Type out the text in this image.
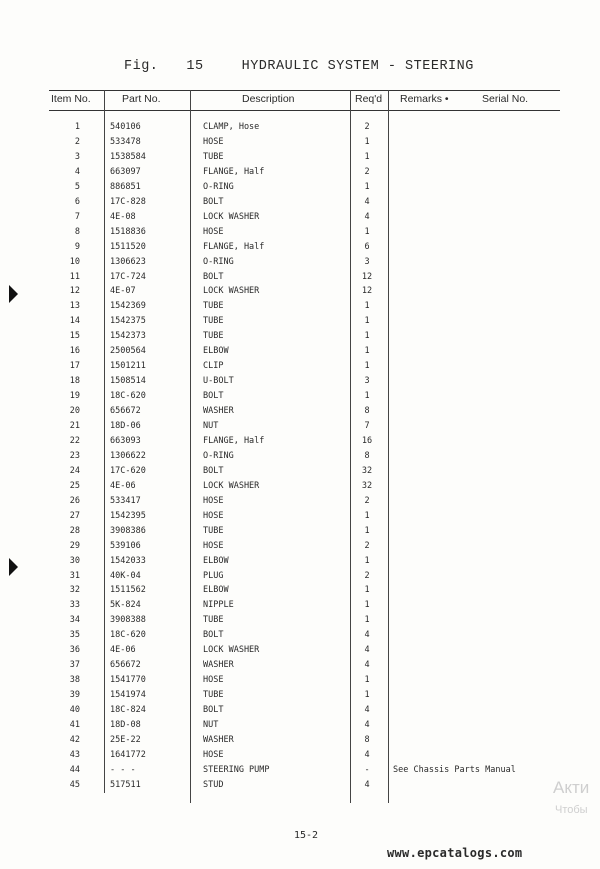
Fig. 15	HYDRAULIC SYSTEM - STEERING
Item No.	Part No.	Description	Req'd Remarks •	Serial No.
1	540106	CLAMP, Hose	2
2	533478	HOSE	1
3	1538584	TUBE	1
4	663097	FLANGE, Half	2
5	886851	O-RING	1
6	17C-828	BOLT	4
7	4E-08	LOCK WASHER	4
8	1518836	HOSE	1
9	1511520	FLANGE, Half	6
10	1306623	O-RING	3
11	17C-724	BOLT	12
12	4E-07	LOCK WASHER	12
13	1542369	TUBE	1
14	1542375	TUBE	1
15	1542373	TUBE	1
16	2500564	ELBOW	1
17	1501211	CLIP	1
18	1508514	U-BOLT	3
19	18C-620	BOLT	1
20	656672	WASHER	8
21	18D-06	NUT	7
22	663093	FLANGE, Half	16
23	1306622	O-RING	8
24	17C-620	BOLT	32
25	4E-06	LOCK WASHER	32
26	533417	HOSE	2
27	1542395	HOSE	1
28	3908386	TUBE	1
29	539106	HOSE	2
30	1542033	ELBOW	1
31	40K-04	PLUG	2
32	1511562	ELBOW	1
33	5K-824	NIPPLE	1
34	3908388	TUBE	1
35	18C-620	BOLT	4
36	4E-06	LOCK WASHER	4
37	656672	WASHER	4
38	1541770	HOSE	1
39	1541974	TUBE	1
40	18C-824	BOLT	4
41	18D-08	NUT	4
42	25E-22	WASHER	8
43	1641772	HOSE	4
44	- - -	STEERING PUMP	-	See Chassis Parts Manual
45	517511	STUD	4
15-2
www.epcatalogs.com
Акти
Чтобы
